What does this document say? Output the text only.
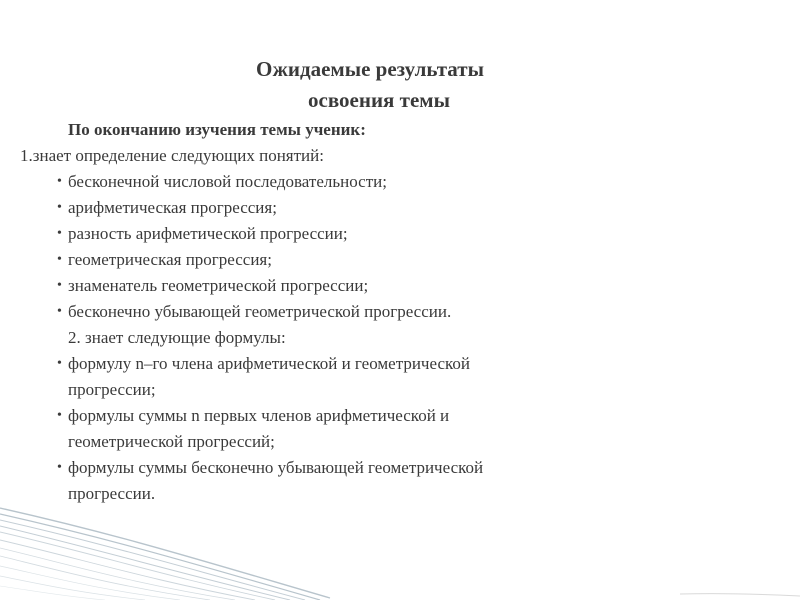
Ожидаемые результаты
освоения темы
По окончанию изучения темы ученик:
1.знает определение следующих понятий:
• бесконечной числовой последовательности;
• арифметическая прогрессия;
• разность арифметической прогрессии;
• геометрическая прогрессия;
• знаменатель геометрической прогрессии;
• бесконечно убывающей геометрической прогрессии.
2. знает следующие формулы:
• формулу n–го члена арифметической и геометрической
прогрессии;
• формулы суммы n первых членов арифметической и
геометрической прогрессий;
• формулы суммы бесконечно убывающей геометрической
прогрессии.
